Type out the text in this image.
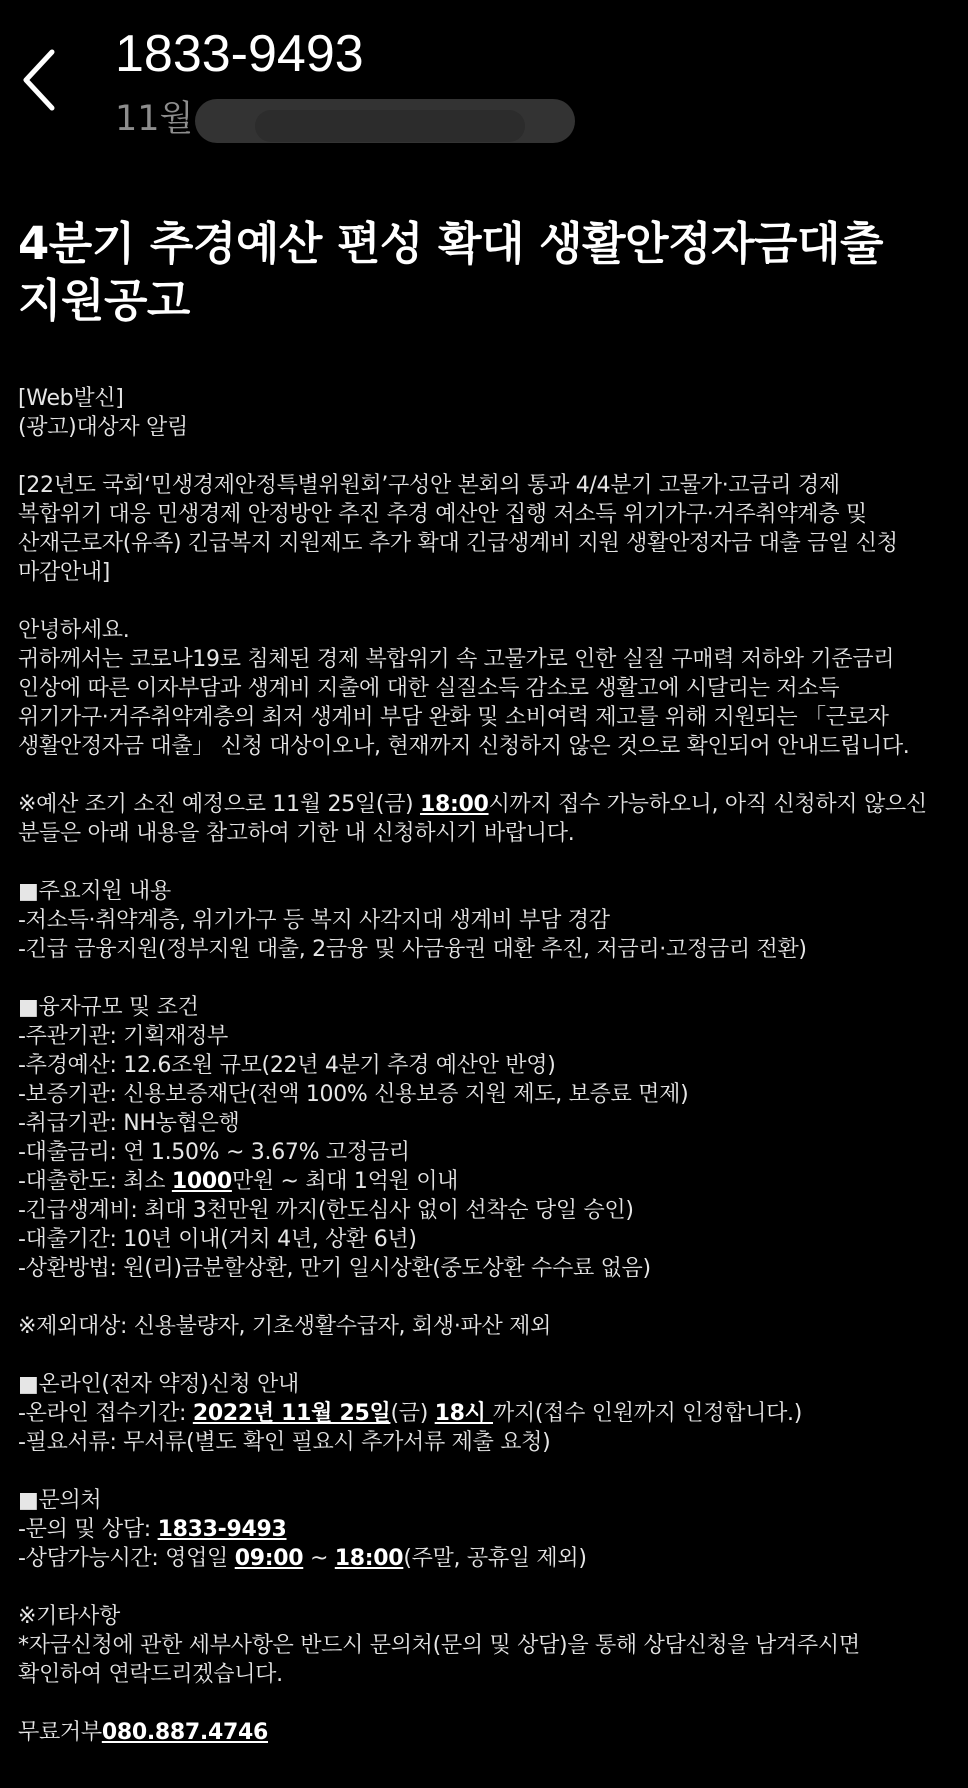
1833-9493
11월
4분기 추경예산 편성 확대 생활안정자금대출
지원공고
[Web발신]
(광고)대상자 알림
[22년도 국회‘민생경제안정특별위원회’구성안 본회의 통과 4/4분기 고물가·고금리 경제
복합위기 대응 민생경제 안정방안 추진 추경 예산안 집행 저소득 위기가구·거주취약계층 및
산재근로자(유족) 긴급복지 지원제도 추가 확대 긴급생계비 지원 생활안정자금 대출 금일 신청
마감안내]
안녕하세요.
귀하께서는 코로나19로 침체된 경제 복합위기 속 고물가로 인한 실질 구매력 저하와 기준금리
인상에 따른 이자부담과 생계비 지출에 대한 실질소득 감소로 생활고에 시달리는 저소득
위기가구·거주취약계층의 최저 생계비 부담 완화 및 소비여력 제고를 위해 지원되는 「근로자
생활안정자금 대출」 신청 대상이오나, 현재까지 신청하지 않은 것으로 확인되어 안내드립니다.
※예산 조기 소진 예정으로 11월 25일(금) 18:00시까지 접수 가능하오니, 아직 신청하지 않으신
분들은 아래 내용을 참고하여 기한 내 신청하시기 바랍니다.
■주요지원 내용
-저소득·취약계층, 위기가구 등 복지 사각지대 생계비 부담 경감
-긴급 금융지원(정부지원 대출, 2금융 및 사금융권 대환 추진, 저금리·고정금리 전환)
■융자규모 및 조건
-주관기관: 기획재정부
-추경예산: 12.6조원 규모(22년 4분기 추경 예산안 반영)
-보증기관: 신용보증재단(전액 100% 신용보증 지원 제도, 보증료 면제)
-취급기관: NH농협은행
-대출금리: 연 1.50% ~ 3.67% 고정금리
-대출한도: 최소 1000만원 ~ 최대 1억원 이내
-긴급생계비: 최대 3천만원 까지(한도심사 없이 선착순 당일 승인)
-대출기간: 10년 이내(거치 4년, 상환 6년)
-상환방법: 원(리)금분할상환, 만기 일시상환(중도상환 수수료 없음)
※제외대상: 신용불량자, 기초생활수급자, 회생·파산 제외
■온라인(전자 약정)신청 안내
-온라인 접수기간: 2022년 11월 25일(금) 18시 까지(접수 인원까지 인정합니다.)
-필요서류: 무서류(별도 확인 필요시 추가서류 제출 요청)
■문의처
-문의 및 상담: 1833-9493
-상담가능시간: 영업일 09:00 ~ 18:00(주말, 공휴일 제외)
※기타사항
*자금신청에 관한 세부사항은 반드시 문의처(문의 및 상담)을 통해 상담신청을 남겨주시면
확인하여 연락드리겠습니다.
무료거부080.887.4746
